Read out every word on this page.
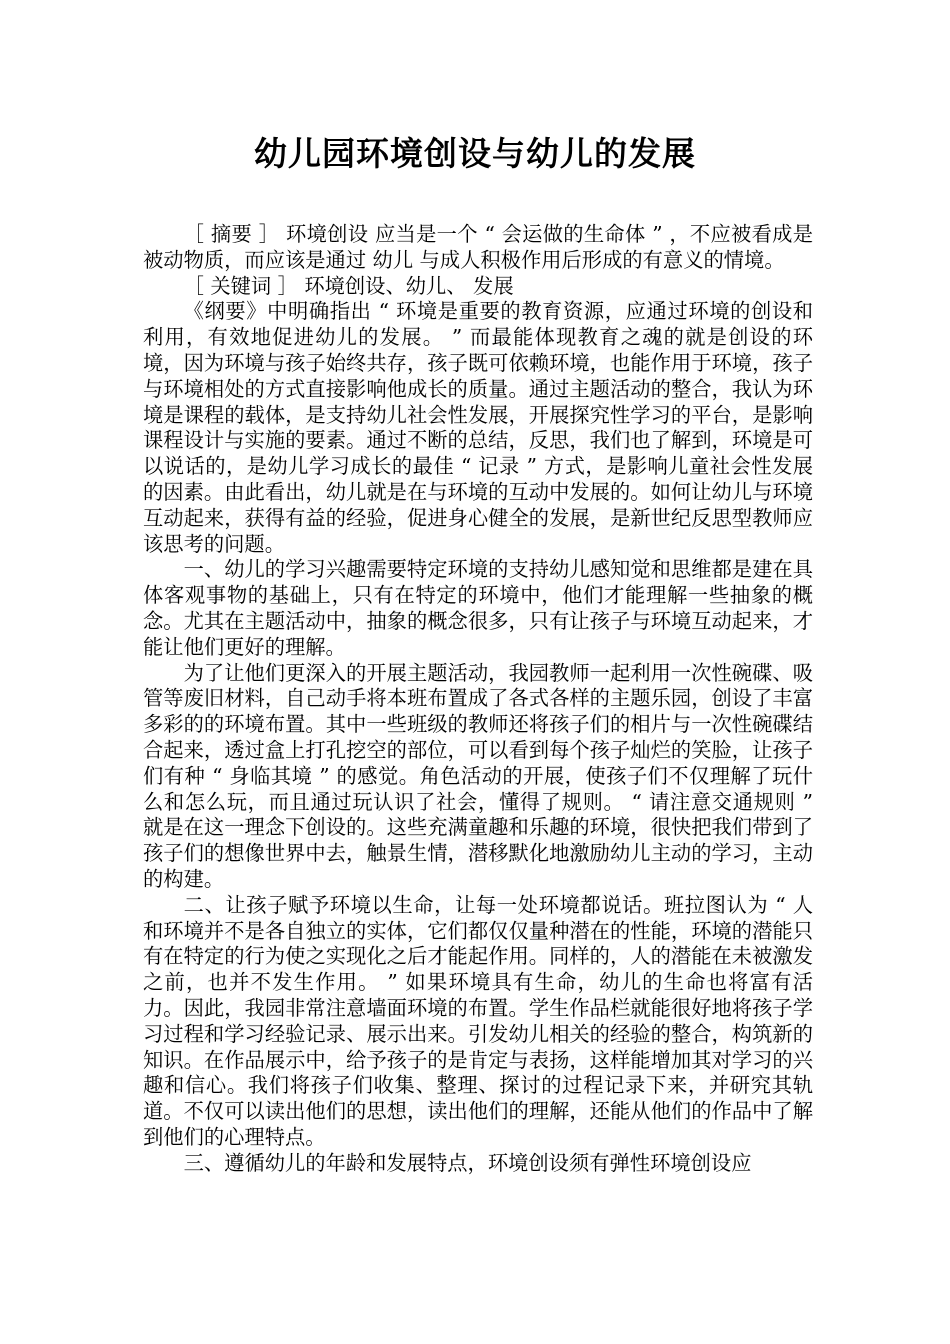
幼儿园环境创设与幼儿的发展

［ 摘要 ］ 环境创设 应当是一个 “ 会运做的生命体 ” ，不应被看成是被动物质，而应该是通过 幼儿 与成人积极作用后形成的有意义的情境。

［ 关键词 ］ 环境创设、幼儿、 发展

《纲要》中明确指出 “ 环境是重要的教育资源，应通过环境的创设和利用，有效地促进幼儿的发展。 ” 而最能体现教育之魂的就是创设的环境，因为环境与孩子始终共存，孩子既可依赖环境，也能作用于环境，孩子与环境相处的方式直接影响他成长的质量。通过主题活动的整合，我认为环境是课程的载体，是支持幼儿社会性发展，开展探究性学习的平台，是影响课程设计与实施的要素。通过不断的总结，反思，我们也了解到，环境是可以说话的，是幼儿学习成长的最佳 “ 记录 ” 方式，是影响儿童社会性发展的因素。由此看出，幼儿就是在与环境的互动中发展的。如何让幼儿与环境互动起来，获得有益的经验，促进身心健全的发展，是新世纪反思型教师应该思考的问题。

一、幼儿的学习兴趣需要特定环境的支持幼儿感知觉和思维都是建在具体客观事物的基础上，只有在特定的环境中，他们才能理解一些抽象的概念。尤其在主题活动中，抽象的概念很多，只有让孩子与环境互动起来，才能让他们更好的理解。

为了让他们更深入的开展主题活动，我园教师一起利用一次性碗碟、吸管等废旧材料，自己动手将本班布置成了各式各样的主题乐园，创设了丰富多彩的的环境布置。其中一些班级的教师还将孩子们的相片与一次性碗碟结合起来，透过盒上打孔挖空的部位，可以看到每个孩子灿烂的笑脸，让孩子们有种 “ 身临其境 ” 的感觉。角色活动的开展，使孩子们不仅理解了玩什么和怎么玩，而且通过玩认识了社会，懂得了规则。 “ 请注意交通规则 ” 就是在这一理念下创设的。这些充满童趣和乐趣的环境，很快把我们带到了孩子们的想像世界中去，触景生情，潜移默化地激励幼儿主动的学习，主动的构建。

二、让孩子赋予环境以生命，让每一处环境都说话。班拉图认为 “ 人和环境并不是各自独立的实体，它们都仅仅量种潜在的性能，环境的潜能只有在特定的行为使之实现化之后才能起作用。同样的，人的潜能在未被激发之前，也并不发生作用。 ” 如果环境具有生命，幼儿的生命也将富有活力。因此，我园非常注意墙面环境的布置。学生作品栏就能很好地将孩子学习过程和学习经验记录、展示出来。引发幼儿相关的经验的整合，构筑新的知识。在作品展示中，给予孩子的是肯定与表扬，这样能增加其对学习的兴趣和信心。我们将孩子们收集、整理、探讨的过程记录下来，并研究其轨道。不仅可以读出他们的思想，读出他们的理解，还能从他们的作品中了解到他们的心理特点。

三、遵循幼儿的年龄和发展特点，环境创设须有弹性环境创设应
